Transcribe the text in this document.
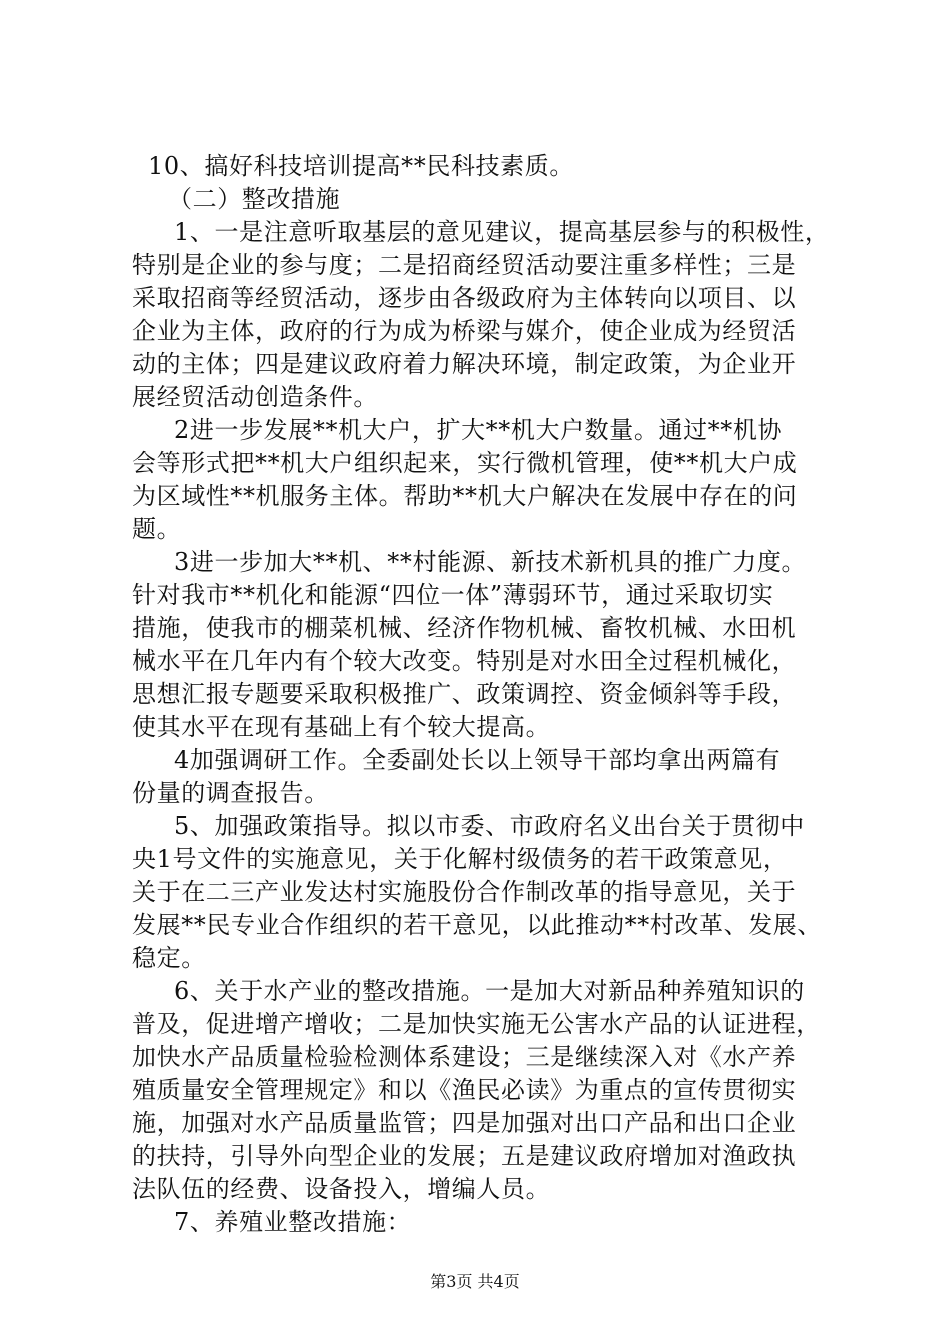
10、搞好科技培训提高**民科技素质。
（二）整改措施
1、一是注意听取基层的意见建议，提高基层参与的积极性，
特别是企业的参与度；二是招商经贸活动要注重多样性；三是
采取招商等经贸活动，逐步由各级政府为主体转向以项目、以
企业为主体，政府的行为成为桥梁与媒介，使企业成为经贸活
动的主体；四是建议政府着力解决环境，制定政策，为企业开
展经贸活动创造条件。
2进一步发展**机大户，扩大**机大户数量。通过**机协
会等形式把**机大户组织起来，实行微机管理，使**机大户成
为区域性**机服务主体。帮助**机大户解决在发展中存在的问
题。
3进一步加大**机、**村能源、新技术新机具的推广力度。
针对我市**机化和能源“四位一体”薄弱环节，通过采取切实
措施，使我市的棚菜机械、经济作物机械、畜牧机械、水田机
械水平在几年内有个较大改变。特别是对水田全过程机械化，
思想汇报专题要采取积极推广、政策调控、资金倾斜等手段，
使其水平在现有基础上有个较大提高。
4加强调研工作。全委副处长以上领导干部均拿出两篇有
份量的调查报告。
5、加强政策指导。拟以市委、市政府名义出台关于贯彻中
央1号文件的实施意见，关于化解村级债务的若干政策意见，
关于在二三产业发达村实施股份合作制改革的指导意见，关于
发展**民专业合作组织的若干意见，以此推动**村改革、发展、
稳定。
6、关于水产业的整改措施。一是加大对新品种养殖知识的
普及，促进增产增收；二是加快实施无公害水产品的认证进程，
加快水产品质量检验检测体系建设；三是继续深入对《水产养
殖质量安全管理规定》和以《渔民必读》为重点的宣传贯彻实
施，加强对水产品质量监管；四是加强对出口产品和出口企业
的扶持，引导外向型企业的发展；五是建议政府增加对渔政执
法队伍的经费、设备投入，增编人员。
7、养殖业整改措施：
第3页 共4页
